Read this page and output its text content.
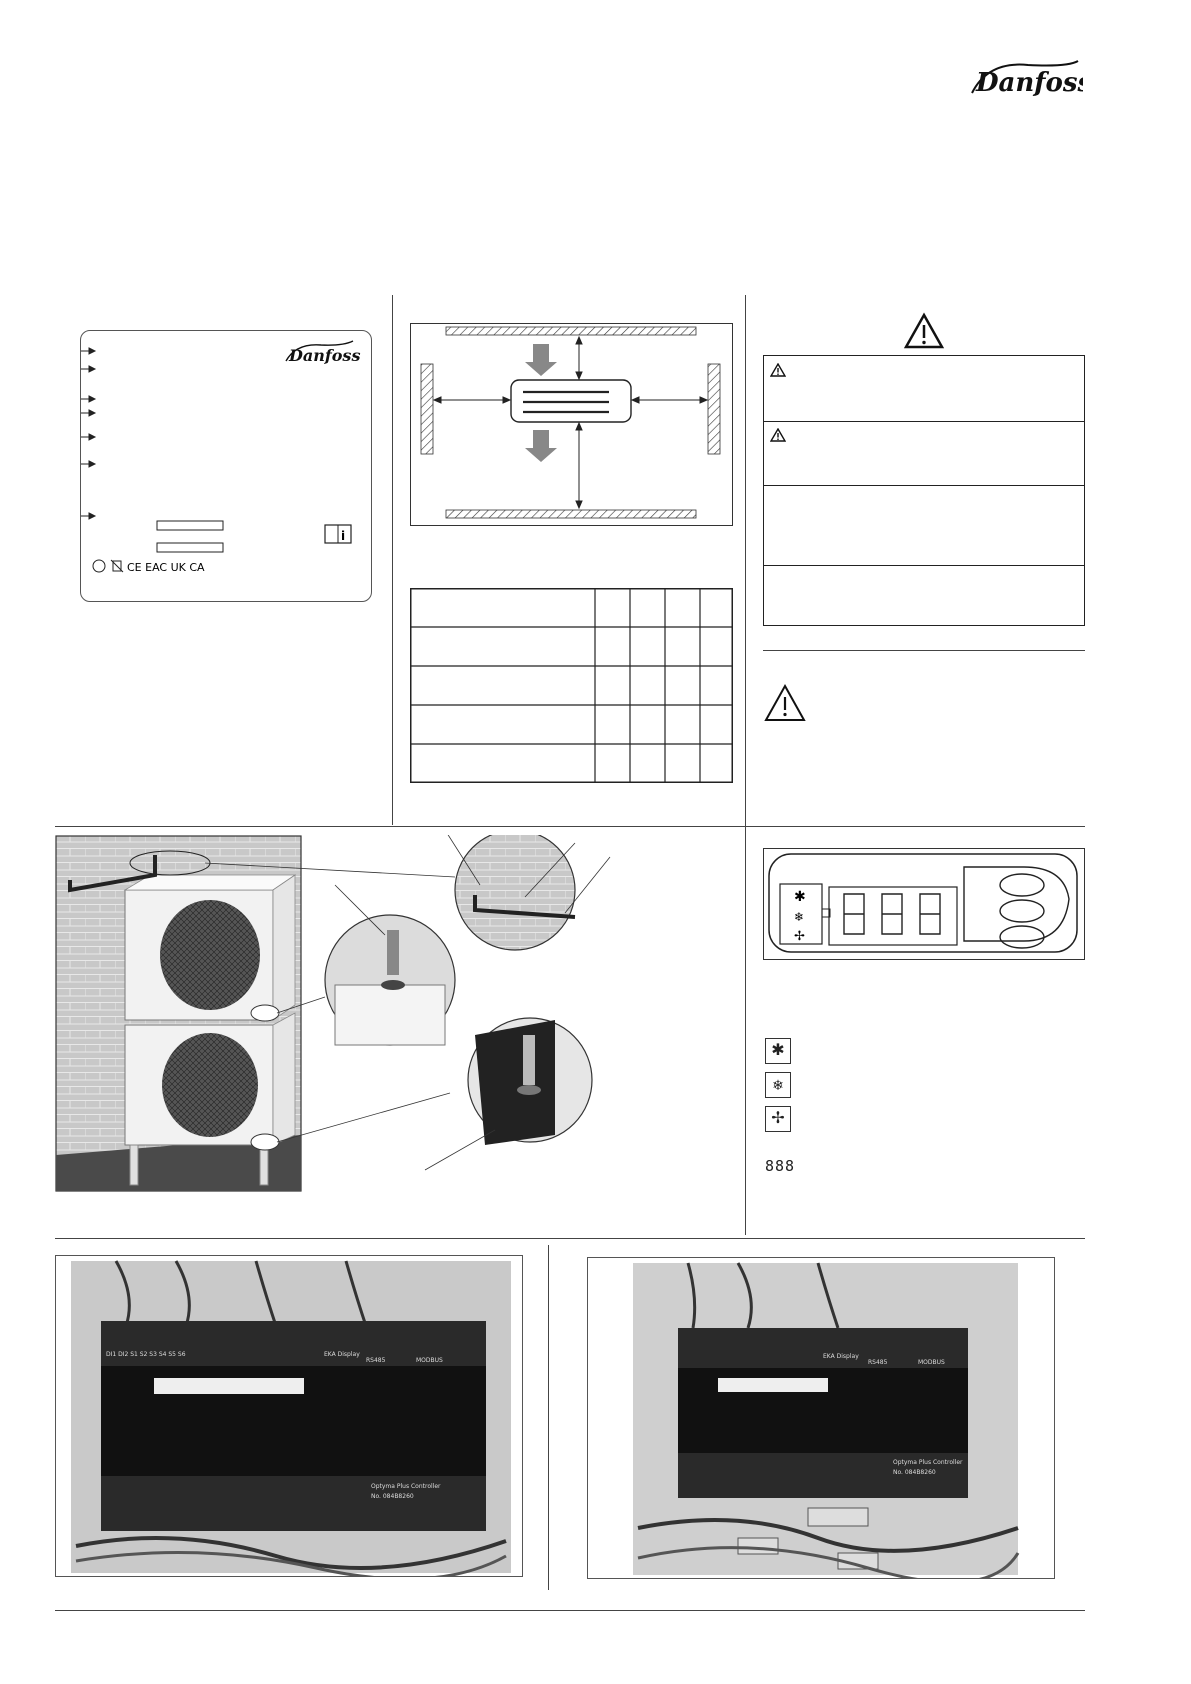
Danfoss
Danfoss
i
CE EAC UK CA
✱
❄
✢
✱
❄
✢
888
DI1 DI2 S1 S2 S3 S4 S5 S6	EKA Display
RS485	MODBUS
Optyma Plus Controller
No. 084B8260
EKA Display
RS485	MODBUS
Optyma Plus Controller
No. 084B8260
